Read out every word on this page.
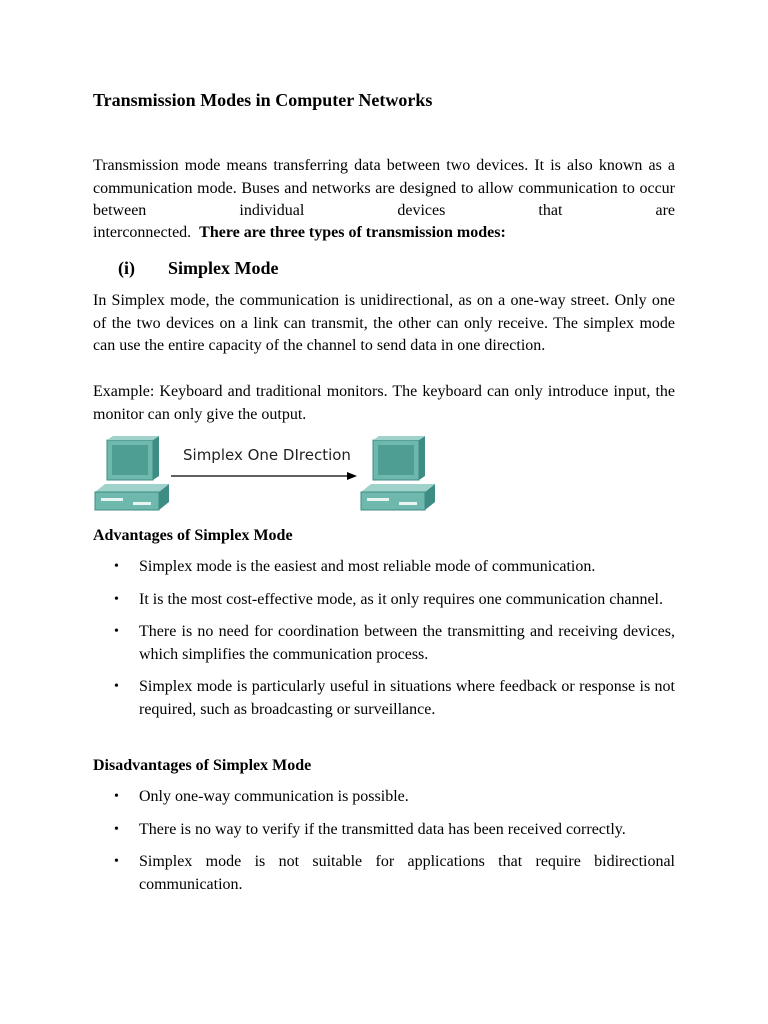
Transmission Modes in Computer Networks

Transmission mode means transferring data between two devices. It is also known as a communication mode. Buses and networks are designed to allow communication to occur between individual devices that are

interconnected. There are three types of transmission modes:

(i) Simplex Mode

In Simplex mode, the communication is unidirectional, as on a one-way street. Only one of the two devices on a link can transmit, the other can only receive. The simplex mode can use the entire capacity of the channel to send data in one direction.

Example: Keyboard and traditional monitors. The keyboard can only introduce input, the monitor can only give the output.

Simplex One DIrection
Advantages of Simplex Mode
• Simplex mode is the easiest and most reliable mode of communication.
• It is the most cost-effective mode, as it only requires one communication channel.
• There is no need for coordination between the transmitting and receiving devices, which simplifies the communication process.
• Simplex mode is particularly useful in situations where feedback or response is not required, such as broadcasting or surveillance.
Disadvantages of Simplex Mode
• Only one-way communication is possible.
• There is no way to verify if the transmitted data has been received correctly.
• Simplex mode is not suitable for applications that require bidirectional communication.
